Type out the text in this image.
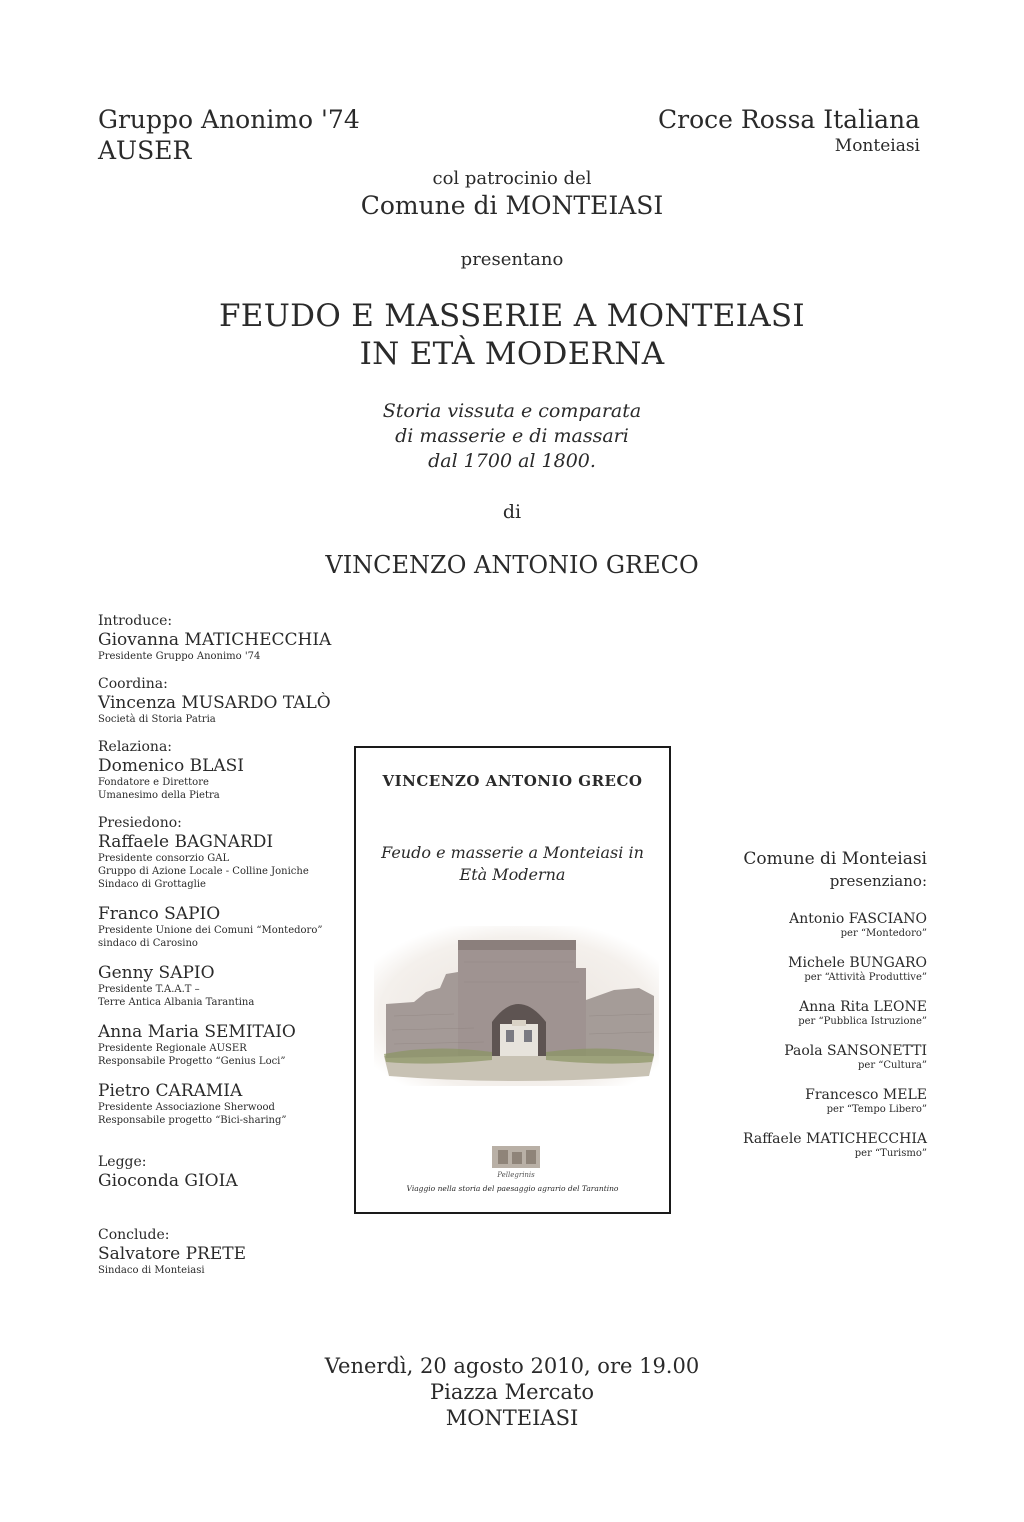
Gruppo Anonimo '74
AUSER
Croce Rossa Italiana
Monteiasi
col patrocinio del
Comune di MONTEIASI
presentano
FEUDO E MASSERIE A MONTEIASI
IN ETÀ MODERNA
Storia vissuta e comparata
di masserie e di massari
dal 1700 al 1800.
di
VINCENZO ANTONIO GRECO
Introduce:
Giovanna MATICHECCHIA
Presidente Gruppo Anonimo '74
Coordina:
Vincenza MUSARDO TALÒ
Società di Storia Patria
Relaziona:
Domenico BLASI
Fondatore e Direttore
Umanesimo della Pietra
Presiedono:
Raffaele BAGNARDI
Presidente consorzio GAL
Gruppo di Azione Locale - Colline Joniche
Sindaco di Grottaglie
Franco SAPIO
Presidente Unione dei Comuni “Montedoro”
sindaco di Carosino
Genny SAPIO
Presidente T.A.A.T –
Terre Antica Albania Tarantina
Anna Maria SEMITAIO
Presidente Regionale AUSER
Responsabile Progetto “Genius Loci”
Pietro CARAMIA
Presidente Associazione Sherwood
Responsabile progetto “Bici-sharing”
Legge:
Gioconda GIOIA
Conclude:
Salvatore PRETE
Sindaco di Monteiasi
VINCENZO ANTONIO GRECO
Feudo e masserie a Monteiasi in
Età Moderna
Pellegrinis
Viaggio nella storia del paesaggio agrario del Tarantino
Comune di Monteiasi
presenziano:
Antonio FASCIANO
per “Montedoro”
Michele BUNGARO
per “Attività Produttive”
Anna Rita LEONE
per “Pubblica Istruzione”
Paola SANSONETTI
per “Cultura”
Francesco MELE
per “Tempo Libero”
Raffaele MATICHECCHIA
per “Turismo”
Venerdì, 20 agosto 2010, ore 19.00
Piazza Mercato
MONTEIASI
